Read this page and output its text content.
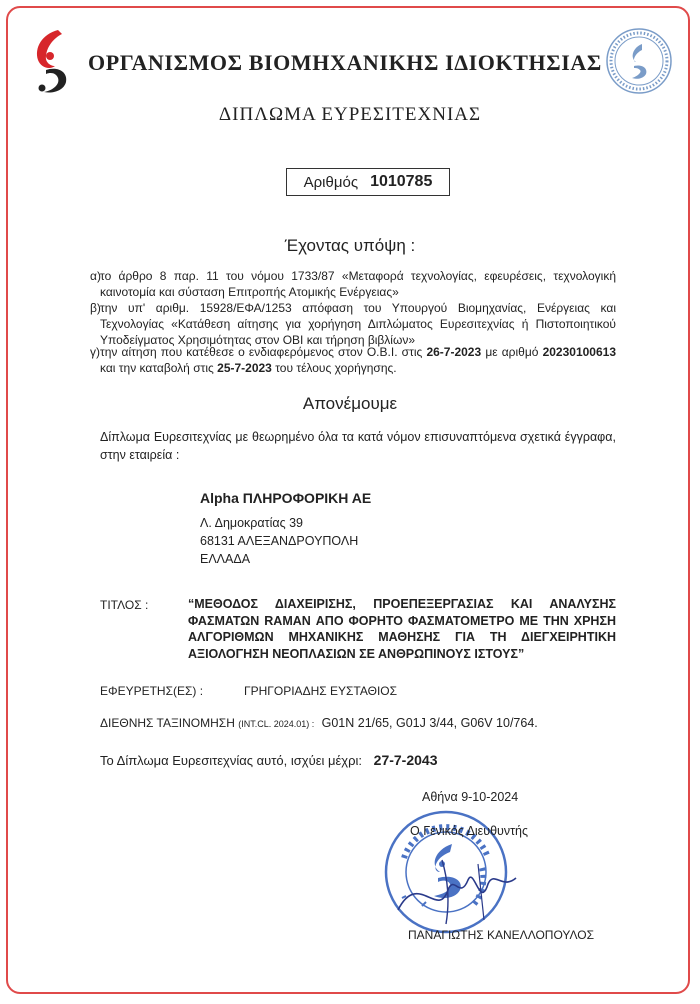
ΟΡΓΑΝΙΣΜΟΣ ΒΙΟΜΗΧΑΝΙΚΗΣ ΙΔΙΟΚΤΗΣΙΑΣ
ΔΙΠΛΩΜΑ ΕΥΡΕΣΙΤΕΧΝΙΑΣ
Αριθμός 1010785
Έχοντας υπόψη :
α) το άρθρο 8 παρ. 11 του νόμου 1733/87 «Μεταφορά τεχνολογίας, εφευρέσεις, τεχνολογική καινοτομία και σύσταση Επιτροπής Ατομικής Ενέργειας»
β) την υπ' αριθμ. 15928/ΕΦΑ/1253 απόφαση του Υπουργού Βιομηχανίας, Ενέργειας και Τεχνολογίας «Κατάθεση αίτησης για χορήγηση Διπλώματος Ευρεσιτεχνίας ή Πιστοποιητικού Υποδείγματος Χρησιμότητας στον ΟΒΙ και τήρηση βιβλίων»
γ) την αίτηση που κατέθεσε ο ενδιαφερόμενος στον Ο.Β.Ι. στις 26-7-2023 με αριθμό 20230100613 και την καταβολή στις 25-7-2023 του τέλους χορήγησης.
Απονέμουμε
Δίπλωμα Ευρεσιτεχνίας με θεωρημένο όλα τα κατά νόμον επισυναπτόμενα σχετικά έγγραφα, στην εταιρεία :
Alpha ΠΛΗΡΟΦΟΡΙΚΗ ΑΕ
Λ. Δημοκρατίας 39
68131 ΑΛΕΞΑΝΔΡΟΥΠΟΛΗ
ΕΛΛΑΔΑ
ΤΙΤΛΟΣ :	“ΜΕΘΟΔΟΣ ΔΙΑΧΕΙΡΙΣΗΣ, ΠΡΟΕΠΕΞΕΡΓΑΣΙΑΣ ΚΑΙ ΑΝΑΛΥΣΗΣ ΦΑΣΜΑΤΩΝ RAMAN ΑΠΟ ΦΟΡΗΤΟ ΦΑΣΜΑΤΟΜΕΤΡΟ ΜΕ ΤΗΝ ΧΡΗΣΗ ΑΛΓΟΡΙΘΜΩΝ ΜΗΧΑΝΙΚΗΣ ΜΑΘΗΣΗΣ ΓΙΑ ΤΗ ΔΙΕΓΧΕΙΡΗΤΙΚΗ ΑΞΙΟΛΟΓΗΣΗ ΝΕΟΠΛΑΣΙΩΝ ΣΕ ΑΝΘΡΩΠΙΝΟΥΣ ΙΣΤΟΥΣ”
ΕΦΕΥΡΕΤΗΣ(ΕΣ) :	ΓΡΗΓΟΡΙΑΔΗΣ ΕΥΣΤΑΘΙΟΣ
ΔΙΕΘΝΗΣ ΤΑΞΙΝΟΜΗΣΗ (INT.CL. 2024.01) : G01N 21/65, G01J 3/44, G06V 10/764.
Το Δίπλωμα Ευρεσιτεχνίας αυτό, ισχύει μέχρι: 27-7-2043
Αθήνα 9-10-2024
Ο Γενικός Διευθυντής
ΠΑΝΑΓΙΩΤΗΣ ΚΑΝΕΛΛΟΠΟΥΛΟΣ
